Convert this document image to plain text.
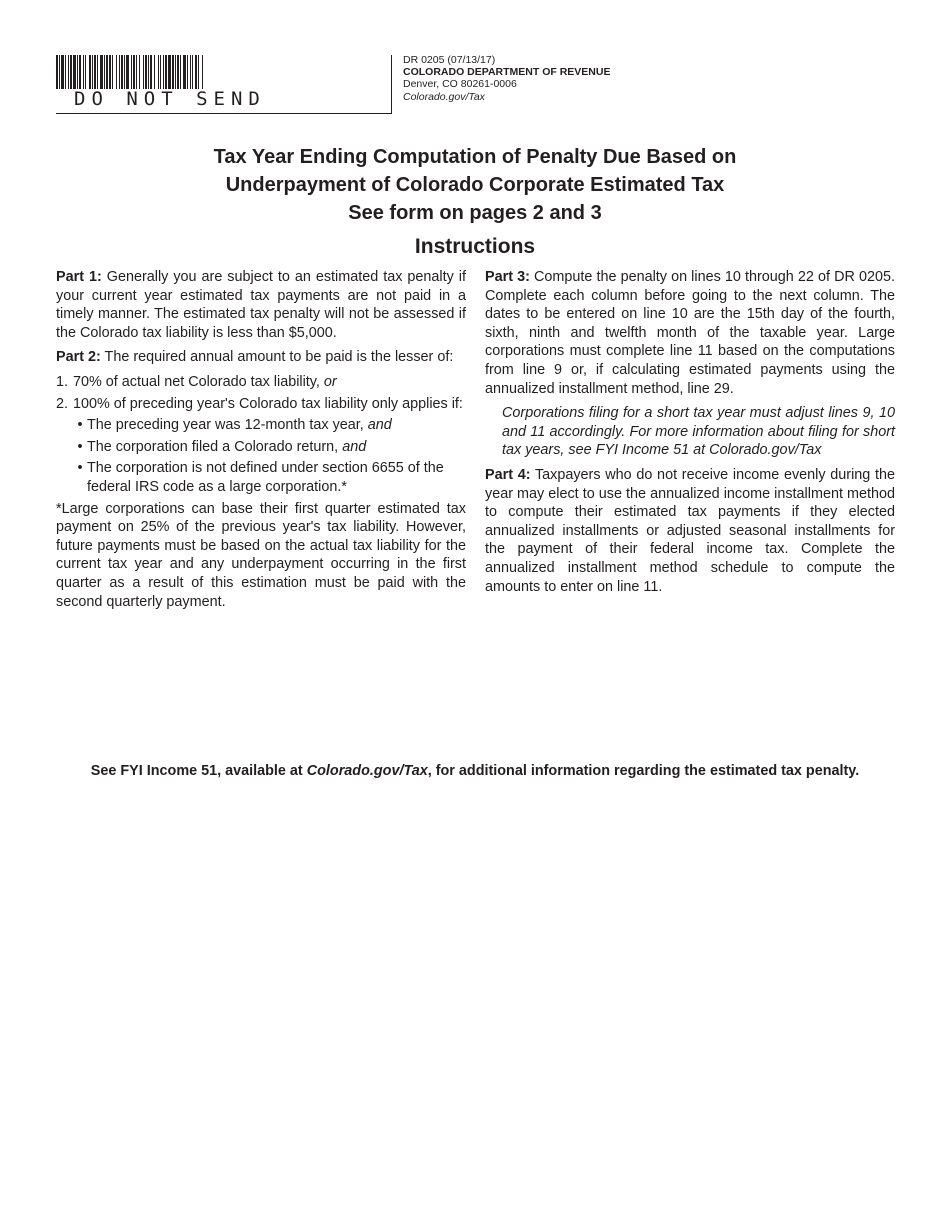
DO NOT SEND
DR 0205 (07/13/17)
COLORADO DEPARTMENT OF REVENUE
Denver, CO 80261-0006
Colorado.gov/Tax
Tax Year Ending Computation of Penalty Due Based on
Underpayment of Colorado Corporate Estimated Tax
See form on pages 2 and 3
Instructions

Part 1: Generally you are subject to an estimated tax penalty if your current year estimated tax payments are not paid in a timely manner. The estimated tax penalty will not be assessed if the Colorado tax liability is less than $5,000.

Part 2: The required annual amount to be paid is the lesser of:

1. 70% of actual net Colorado tax liability, or
2. 100% of preceding year's Colorado tax liability only applies if:
• The preceding year was 12-month tax year, and
• The corporation filed a Colorado return, and
• The corporation is not defined under section 6655 of the federal IRS code as a large corporation.*

*Large corporations can base their first quarter estimated tax payment on 25% of the previous year's tax liability. However, future payments must be based on the actual tax liability for the current tax year and any underpayment occurring in the first quarter as a result of this estimation must be paid with the second quarterly payment.

Part 3: Compute the penalty on lines 10 through 22 of DR 0205. Complete each column before going to the next column. The dates to be entered on line 10 are the 15th day of the fourth, sixth, ninth and twelfth month of the taxable year. Large corporations must complete line 11 based on the computations from line 9 or, if calculating estimated payments using the annualized installment method, line 29.

Corporations filing for a short tax year must adjust lines 9, 10 and 11 accordingly. For more information about filing for short tax years, see FYI Income 51 at Colorado.gov/Tax

Part 4: Taxpayers who do not receive income evenly during the year may elect to use the annualized income installment method to compute their estimated tax payments if they elected annualized installments or adjusted seasonal installments for the payment of their federal income tax. Complete the annualized installment method schedule to compute the amounts to enter on line 11.

See FYI Income 51, available at Colorado.gov/Tax, for additional information regarding the estimated tax penalty.
